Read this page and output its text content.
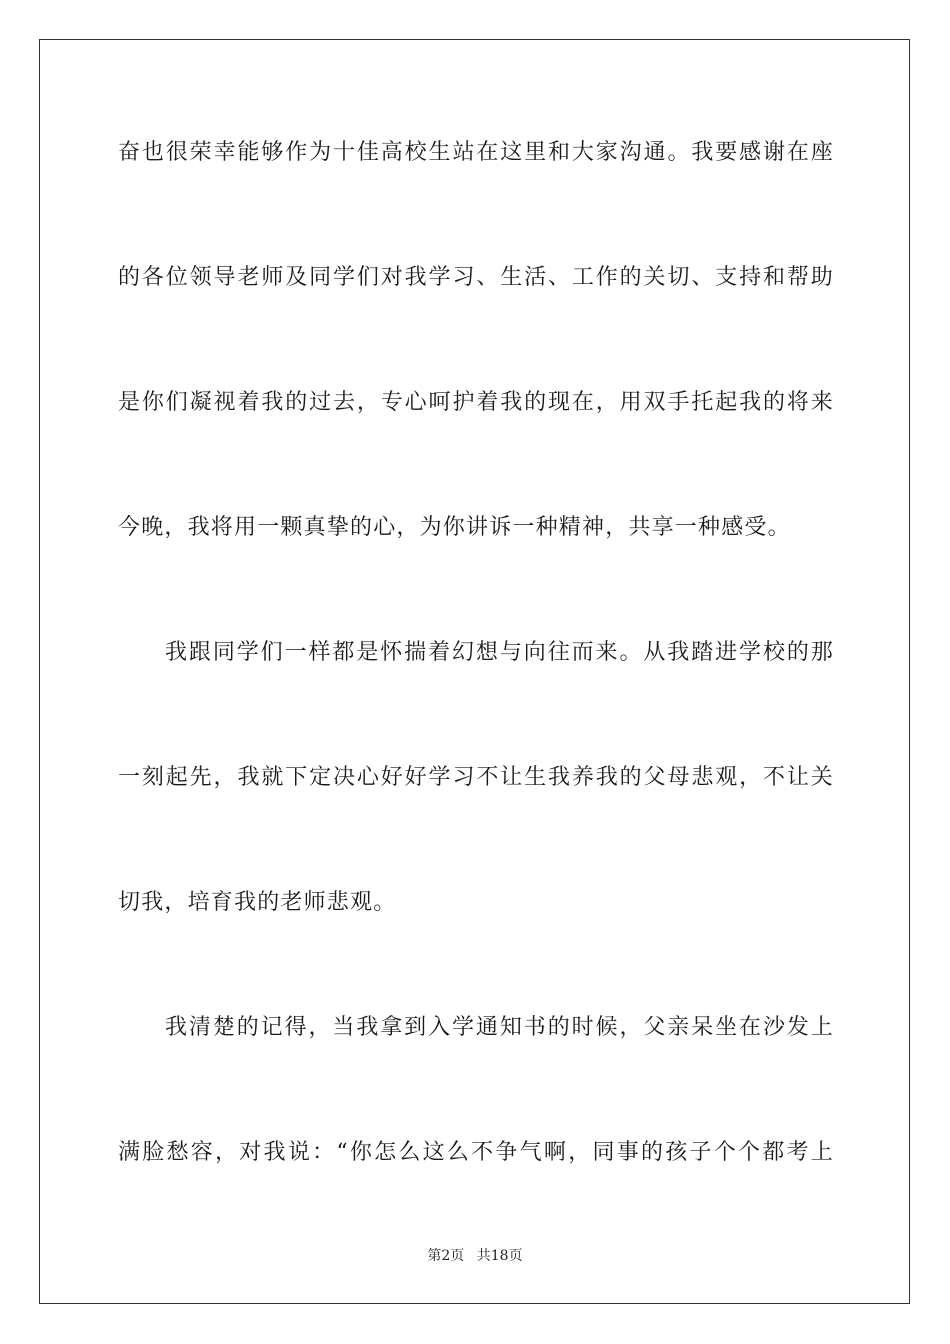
奋也很荣幸能够作为十佳高校生站在这里和大家沟通。我要感谢在座
的各位领导老师及同学们对我学习、生活、工作的关切、支持和帮助
是你们凝视着我的过去，专心呵护着我的现在，用双手托起我的将来
今晚，我将用一颗真挚的心，为你讲诉一种精神，共享一种感受。
我跟同学们一样都是怀揣着幻想与向往而来。从我踏进学校的那
一刻起先，我就下定决心好好学习不让生我养我的父母悲观，不让关
切我，培育我的老师悲观。
我清楚的记得，当我拿到入学通知书的时候，父亲呆坐在沙发上
满脸愁容，对我说：“你怎么这么不争气啊，同事的孩子个个都考上
第2页 共18页
